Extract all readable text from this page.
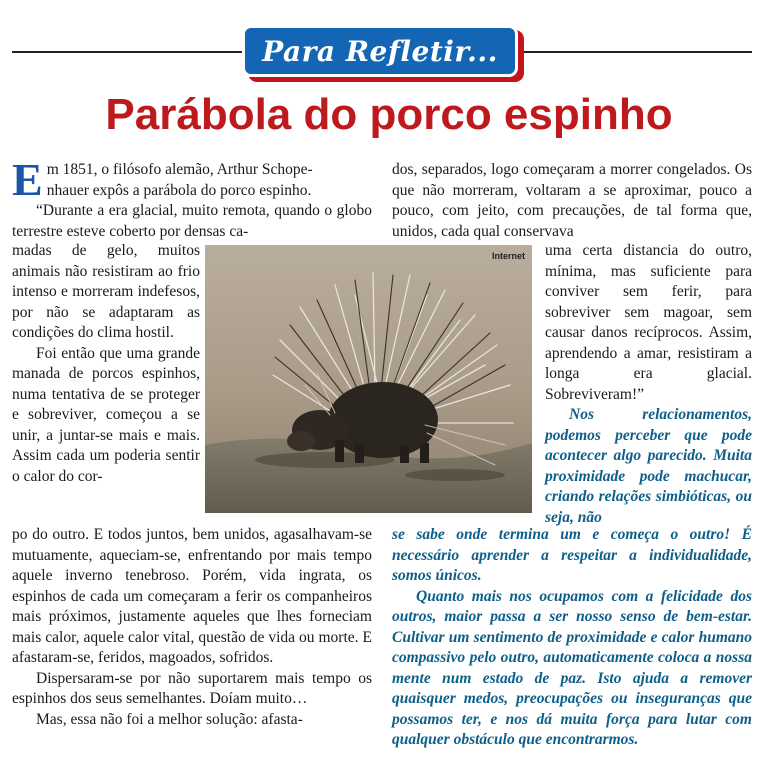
Para Refletir...
Parábola do porco espinho
E m 1851, o filósofo alemão, Arthur Schope-

nhauer expôs a parábola do porco espinho.

“Durante a era glacial, muito remota, quando o globo terrestre esteve coberto por densas ca-

madas de gelo, muitos animais não resistiram ao frio intenso e morreram indefesos, por não se adaptaram as condições do clima hostil.

Foi então que uma grande manada de porcos espinhos, numa tentativa de se proteger e sobreviver, começou a se unir, a juntar-se mais e mais. Assim cada um poderia sentir o calor do cor-

po do outro. E todos juntos, bem unidos, agasalhavam-se mutuamente, aqueciam-se, enfrentando por mais tempo aquele inverno tenebroso. Porém, vida ingrata, os espinhos de cada um começaram a ferir os companheiros mais próximos, justamente aqueles que lhes forneciam mais calor, aquele calor vital, questão de vida ou morte. E afastaram-se, feridos, magoados, sofridos.

Dispersaram-se por não suportarem mais tempo os espinhos dos seus semelhantes. Doíam muito…

Mas, essa não foi a melhor solução: afasta-

Internet

dos, separados, logo começaram a morrer congelados. Os que não morreram, voltaram a se aproximar, pouco a pouco, com jeito, com precauções, de tal forma que, unidos, cada qual conservava

uma certa distancia do outro, mínima, mas suficiente para conviver sem ferir, para sobreviver sem magoar, sem causar danos recíprocos. Assim, aprendendo a amar, resistiram a longa era glacial. Sobreviveram!”

Nos relacionamentos, podemos perceber que pode acontecer algo parecido. Muita proximidade pode machucar, criando relações simbióticas, ou seja, não

se sabe onde termina um e começa o outro! É necessário aprender a respeitar a individualidade, somos únicos.

Quanto mais nos ocupamos com a felicidade dos outros, maior passa a ser nosso senso de bem-estar. Cultivar um sentimento de proximidade e calor humano compassivo pelo outro, automaticamente coloca a nossa mente num estado de paz. Isto ajuda a remover quaisquer medos, preocupações ou inseguranças que possamos ter, e nos dá muita força para lutar com qualquer obstáculo que encontrarmos.
